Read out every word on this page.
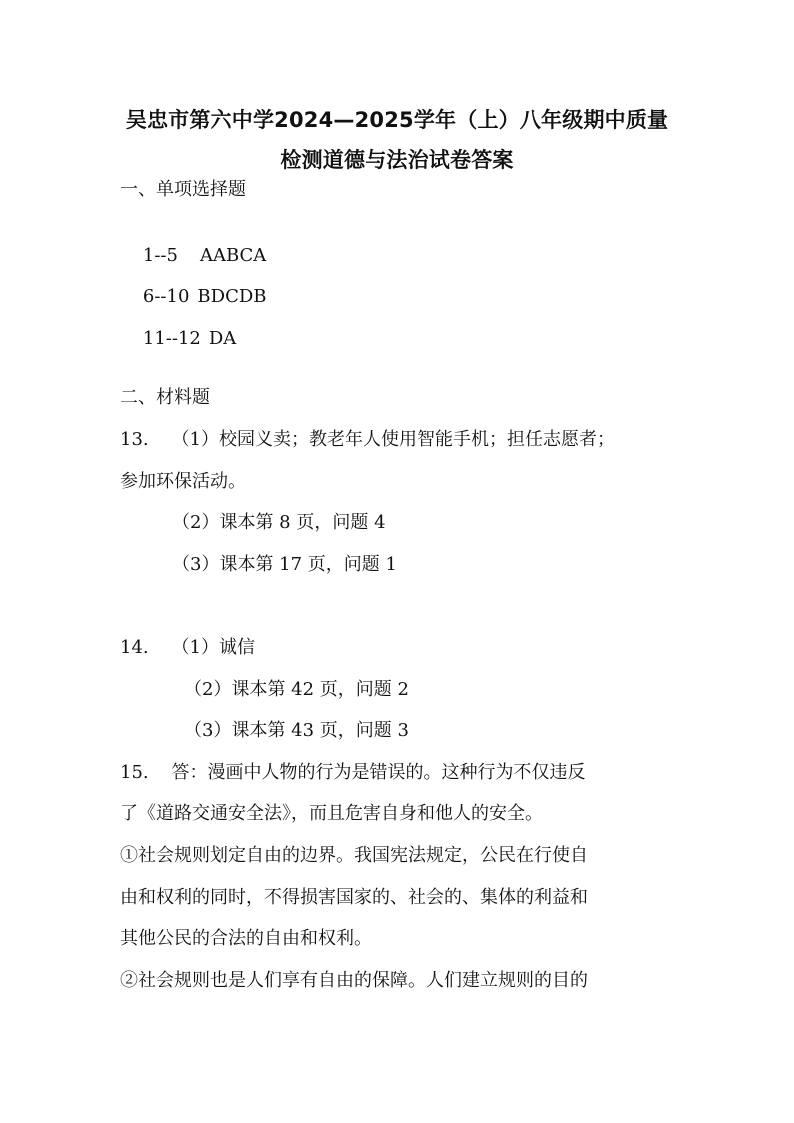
吴忠市第六中学2024—2025学年（上）八年级期中质量
检测道德与法治试卷答案
一、单项选择题

1--5 AABCA

6--10 BDCDB

11--12 DA

二、材料题
13.    （1）校园义卖；教老年人使用智能手机；担任志愿者；
参加环保活动。
（2）课本第 8 页，问题 4
（3）课本第 17 页，问题 1
14.    （1）诚信
（2）课本第 42 页，问题 2
（3）课本第 43 页，问题 3
15.    答：漫画中人物的行为是错误的。这种行为不仅违反
了《道路交通安全法》，而且危害自身和他人的安全。
①社会规则划定自由的边界。我国宪法规定，公民在行使自
由和权利的同时，不得损害国家的、社会的、集体的利益和
其他公民的合法的自由和权利。
②社会规则也是人们享有自由的保障。人们建立规则的目的
